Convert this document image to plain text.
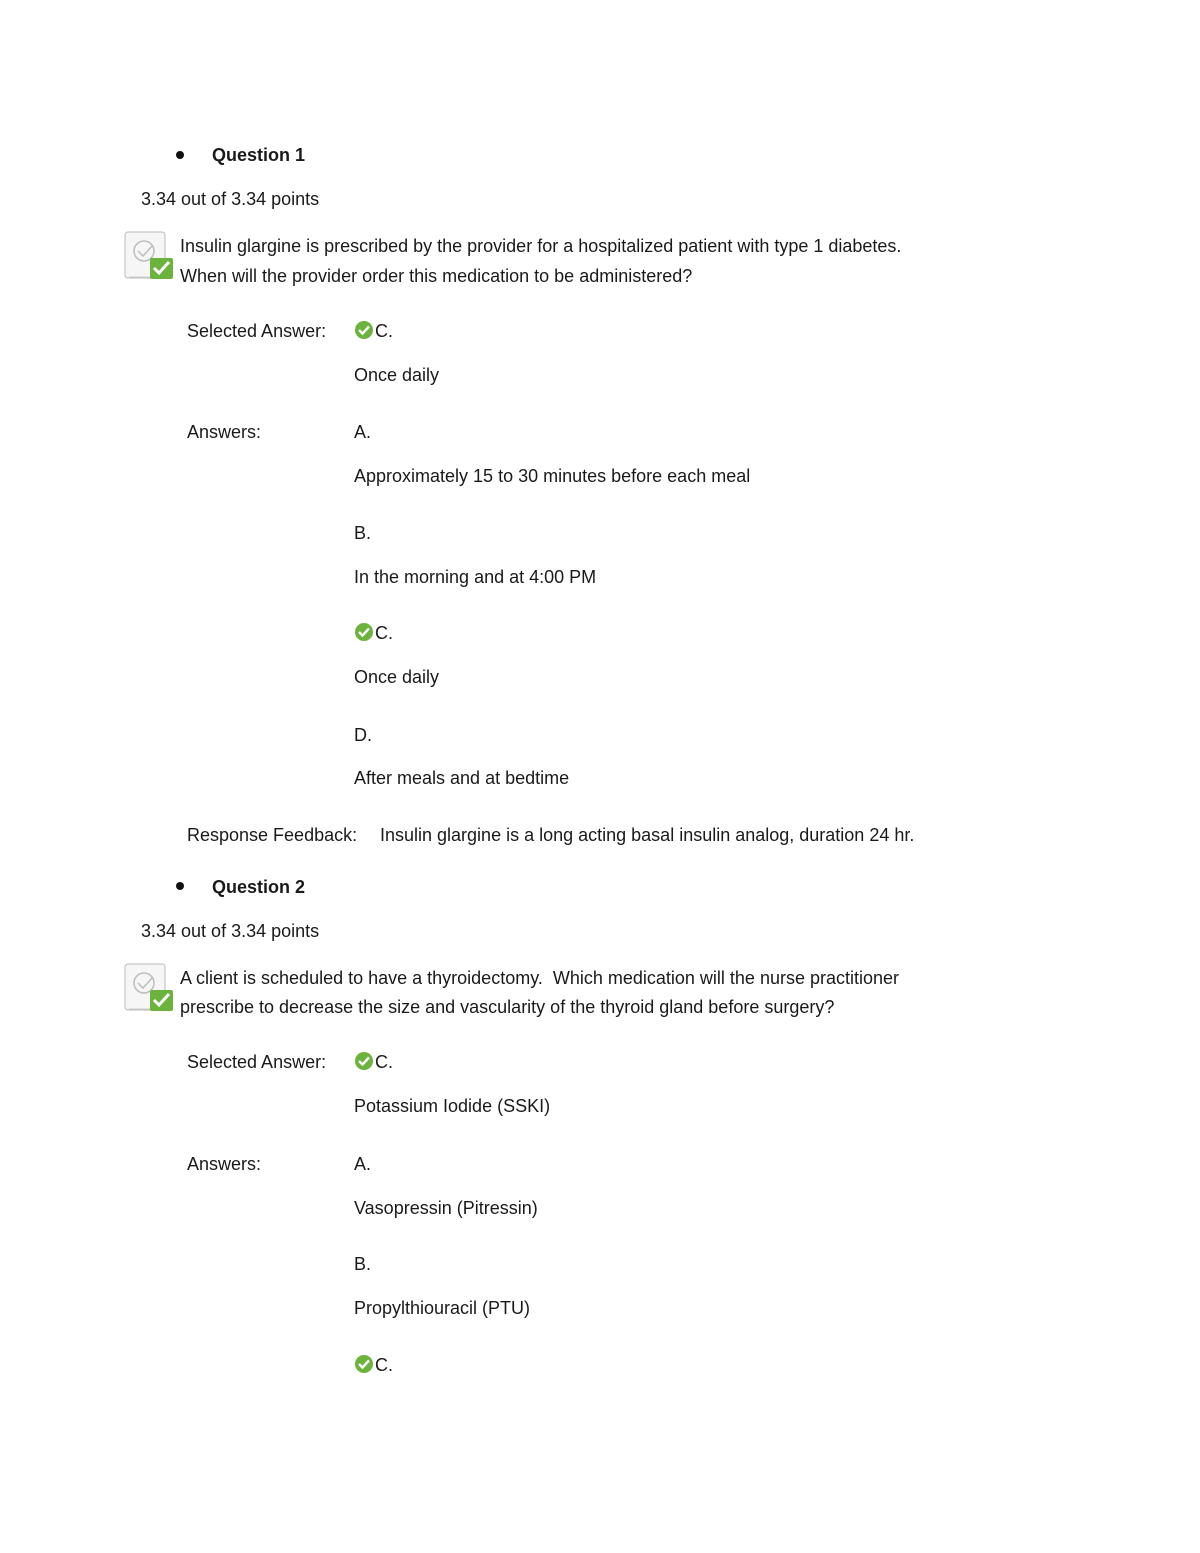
Question 1
3.34 out of 3.34 points
Insulin glargine is prescribed by the provider for a hospitalized patient with type 1 diabetes.
When will the provider order this medication to be administered?
Selected Answer:	C.
Once daily
Answers:	A.
Approximately 15 to 30 minutes before each meal
B.
In the morning and at 4:00 PM
C.
Once daily
D.
After meals and at bedtime
Response Feedback: Insulin glargine is a long acting basal insulin analog, duration 24 hr.
Question 2
3.34 out of 3.34 points
A client is scheduled to have a thyroidectomy.  Which medication will the nurse practitioner
prescribe to decrease the size and vascularity of the thyroid gland before surgery?
Selected Answer:	C.
Potassium Iodide (SSKI)
Answers:	A.
Vasopressin (Pitressin)
B.
Propylthiouracil (PTU)
C.
